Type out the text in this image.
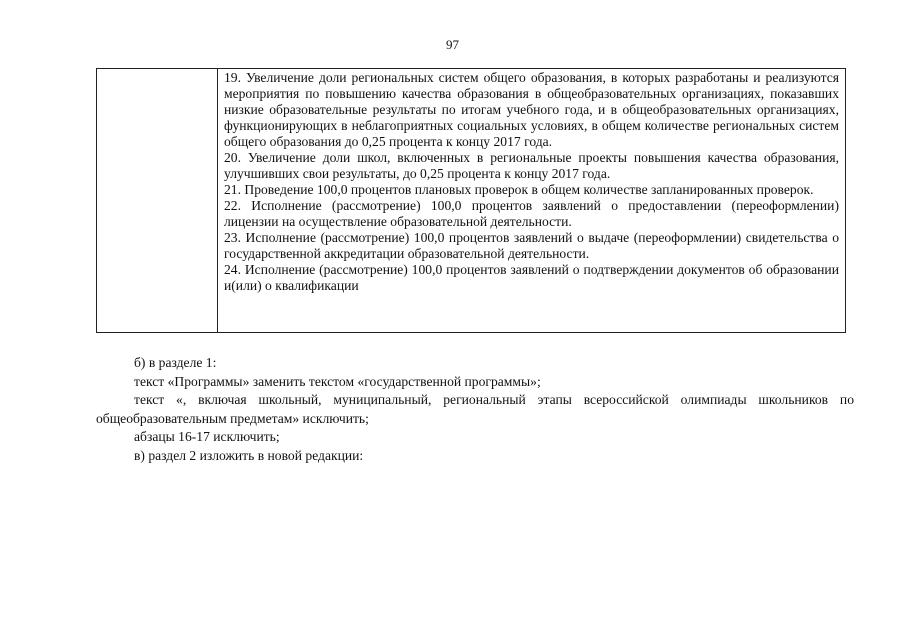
97

19. Увеличение доли региональных систем общего образования, в которых разработаны и реализуются мероприятия по повышению качества образования в общеобразовательных организациях, показавших низкие образовательные результаты по итогам учебного года, и в общеобразовательных организациях, функционирующих в неблагоприятных социальных условиях, в общем количестве региональных систем общего образования до 0,25 процента к концу 2017 года.
20. Увеличение доли школ, включенных в региональные проекты повышения качества образования, улучшивших свои результаты, до 0,25 процента к концу 2017 года.
21. Проведение 100,0 процентов плановых проверок в общем количестве запланированных проверок.
22. Исполнение (рассмотрение) 100,0 процентов заявлений о предоставлении (переоформлении) лицензии на осуществление образовательной деятельности.
23. Исполнение (рассмотрение) 100,0 процентов заявлений о выдаче (переоформлении) свидетельства о государственной аккредитации образовательной деятельности.
24. Исполнение (рассмотрение) 100,0 процентов заявлений о подтверждении документов об образовании и(или) о квалификации

б) в разделе 1:

текст «Программы» заменить текстом «государственной программы»;

текст «, включая школьный, муниципальный, региональный этапы всероссийской олимпиады школьников по общеобразовательным предметам» исключить;

абзацы 16-17 исключить;

в) раздел 2 изложить в новой редакции:
